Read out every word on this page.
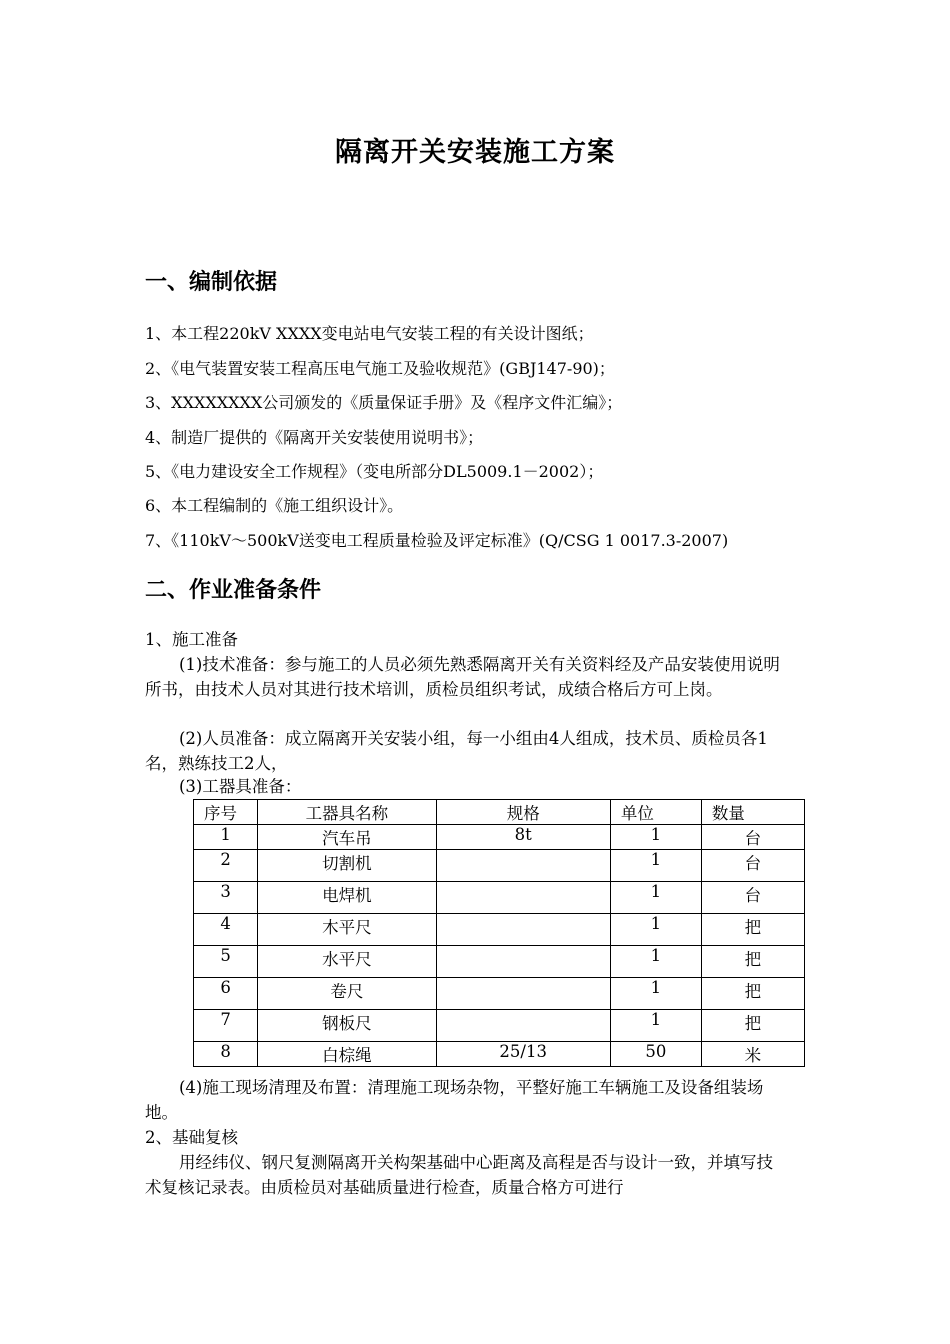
隔离开关安装施工方案
一、编制依据
1、本工程220kV XXXX变电站电气安装工程的有关设计图纸；
2、《电气装置安装工程高压电气施工及验收规范》(GBJ147-90)；
3、XXXXXXXX公司颁发的《质量保证手册》及《程序文件汇编》；
4、制造厂提供的《隔离开关安装使用说明书》；
5、《电力建设安全工作规程》（变电所部分DL5009.1－2002）；
6、本工程编制的《施工组织设计》。
7、《110kV～500kV送变电工程质量检验及评定标准》(Q/CSG 1 0017.3-2007)
二、作业准备条件
1、施工准备
(1)技术准备：参与施工的人员必须先熟悉隔离开关有关资料经及产品安装使用说明所书，由技术人员对其进行技术培训，质检员组织考试，成绩合格后方可上岗。
(2)人员准备：成立隔离开关安装小组，每一小组由4人组成，技术员、质检员各1名，熟练技工2人，
(3)工器具准备：
序号	工器具名称	规格	单位	数量
1	汽车吊	8t	1	台
2	切割机		1	台
3	电焊机		1	台
4	木平尺		1	把
5	水平尺		1	把
6	卷尺		1	把
7	钢板尺		1	把
8	白棕绳	25/13	50	米
(4)施工现场清理及布置：清理施工现场杂物，平整好施工车辆施工及设备组装场地。
2、基础复核
用经纬仪、钢尺复测隔离开关构架基础中心距离及高程是否与设计一致，并填写技术复核记录表。由质检员对基础质量进行检查，质量合格方可进行
